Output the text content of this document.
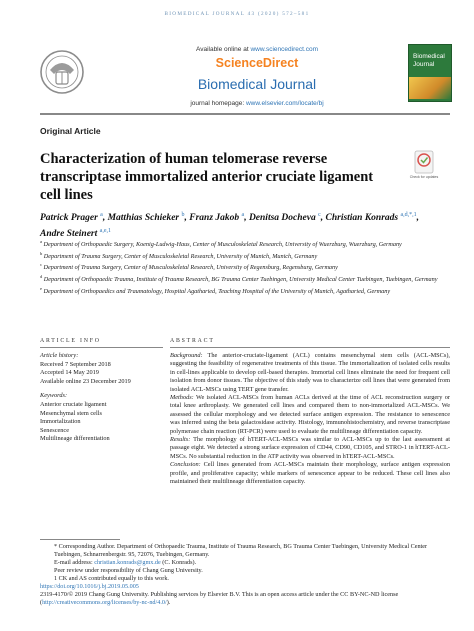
BIOMEDICAL JOURNAL 43 (2020) 572–581
Available online at www.sciencedirect.com
ScienceDirect
Biomedical Journal
journal homepage: www.elsevier.com/locate/bj
Biomedical
Journal
Original Article
Characterization of human telomerase reverse transcriptase immortalized anterior cruciate ligament cell lines
Check for updates
Patrick Prager $^a$, Matthias Schieker $^b$, Franz Jakob $^a$, Denitsa Docheva $^c$, Christian Konrads $^{a,d,*,1}$, Andre Steinert $^{a,e,1}$
$^a$ Department of Orthopaedic Surgery, Koenig-Ludwig-Haus, Center of Musculoskeletal Research, University of Wuerzburg, Wuerzburg, Germany
$^b$ Department of Trauma Surgery, Center of Musculoskeletal Research, University of Munich, Munich, Germany
$^c$ Department of Trauma Surgery, Center of Musculoskeletal Research, University of Regensburg, Regensburg, Germany
$^d$ Department of Orthopaedic Trauma, Institute of Trauma Research, BG Trauma Center Tuebingen, University Medical Center Tuebingen, Tuebingen, Germany
$^e$ Department of Orthopaedics and Traumatology, Hospital Agatharied, Teaching Hospital of the University of Munich, Agatharied, Germany
ARTICLE INFO	ABSTRACT
Article history:
Received 7 September 2018
Accepted 14 May 2019
Available online 23 December 2019
Keywords:
Anterior cruciate ligament
Mesenchymal stem cells
Immortalization
Senescence
Multilineage differentiation
Background: The anterior-cruciate-ligament (ACL) contains mesenchymal stem cells (ACL-MSCs), suggesting the feasibility of regenerative treatments of this tissue. The immortalization of isolated cells results in cell-lines applicable to develop cell-based therapies. Immortal cell lines eliminate the need for frequent cell isolation from donor tissues. The objective of this study was to characterize cell lines that were generated from isolated ACL-MSCs using TERT gene transfer.
Methods: We isolated ACL-MSCs from human ACLs derived at the time of ACL reconstruction surgery or total knee arthroplasty. We generated cell lines and compared them to non-immortalized ACL-MSCs. We assessed the cellular morphology and we detected surface antigen expression. The resistance to senescence was inferred using the beta galactosidase activity. Histology, immunohistochemistry, and reverse transcriptase polymerase chain reaction (RT-PCR) were used to evaluate the multilineage differentiation capacity.
Results: The morphology of hTERT-ACL-MSCs was similar to ACL-MSCs up to the last assessment at passage eight. We detected a strong surface expression of CD44, CD90, CD105, and STRO-1 in hTERT-ACL-MSCs. No substantial reduction in the ATP activity was observed in hTERT-ACL-MSCs.
Conclusion: Cell lines generated from ACL-MSCs maintain their morphology, surface antigen expression profile, and proliferative capacity; while markers of senescence appear to be reduced. These cell lines also maintained their multilineage differentiation capacity.
* Corresponding Author. Department of Orthopaedic Trauma, Institute of Trauma Research, BG Trauma Center Tuebingen, University Medical Center Tuebingen, Schnarrenbergstr. 95, 72076, Tuebingen, Germany.
E-mail address: christian.konrads@gmx.de (C. Konrads).
Peer review under responsibility of Chang Gung University.
1 CK and AS contributed equally to this work.
https://doi.org/10.1016/j.bj.2019.05.005
2319-4170/© 2019 Chang Gung University. Publishing services by Elsevier B.V. This is an open access article under the CC BY-NC-ND license (http://creativecommons.org/licenses/by-nc-nd/4.0/).
